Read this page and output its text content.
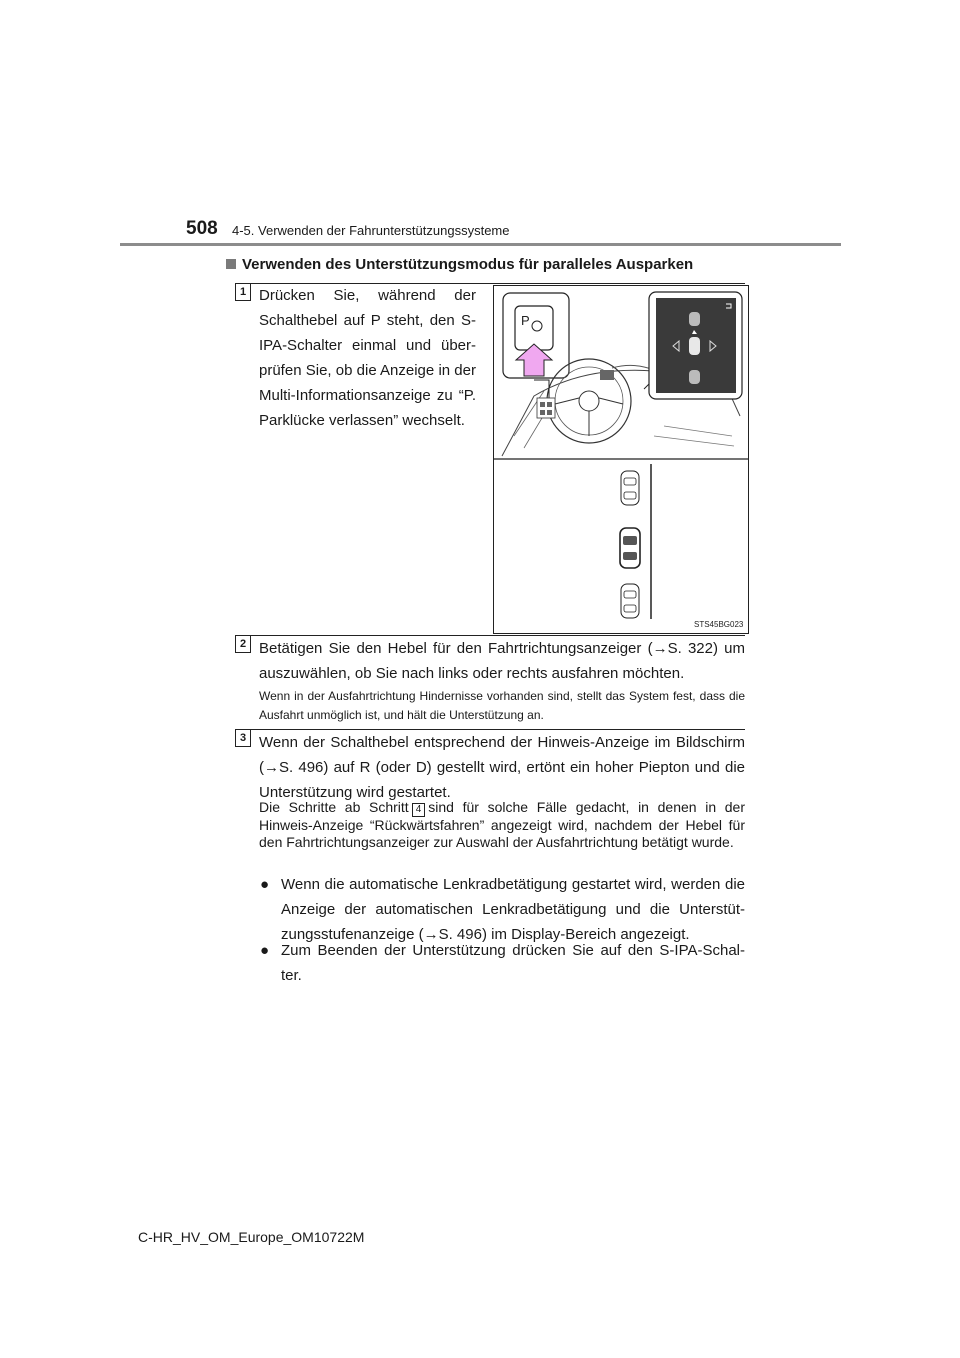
508 4-5. Verwenden der Fahrunterstützungssysteme
Verwenden des Unterstützungsmodus für paralleles Ausparken
1 Drücken Sie, während der Schalthebel auf P steht, den S-IPA-Schalter einmal und über-prüfen Sie, ob die Anzeige in der Multi-Informationsanzeige zu “P. Parklücke verlassen” wechselt.
P
STS45BG023
2 Betätigen Sie den Hebel für den Fahrtrichtungsanzeiger (→S. 322) um auszuwählen, ob Sie nach links oder rechts ausfahren möchten.
Wenn in der Ausfahrtrichtung Hindernisse vorhanden sind, stellt das System fest, dass die Ausfahrt unmöglich ist, und hält die Unterstützung an.
3 Wenn der Schalthebel entsprechend der Hinweis-Anzeige im Bildschirm (→S. 496) auf R (oder D) gestellt wird, ertönt ein hoher Piepton und die Unterstützung wird gestartet.
Die Schritte ab Schritt 4 sind für solche Fälle gedacht, in denen in der Hinweis-Anzeige “Rückwärtsfahren” angezeigt wird, nachdem der Hebel für den Fahrtrichtungsanzeiger zur Auswahl der Ausfahrtrichtung betätigt wurde.
● Wenn die automatische Lenkradbetätigung gestartet wird, werden die Anzeige der automatischen Lenkradbetätigung und die Unterstüt-zungsstufenanzeige (→S. 496) im Display-Bereich angezeigt.
● Zum Beenden der Unterstützung drücken Sie auf den S-IPA-Schal-ter.
C-HR_HV_OM_Europe_OM10722M
